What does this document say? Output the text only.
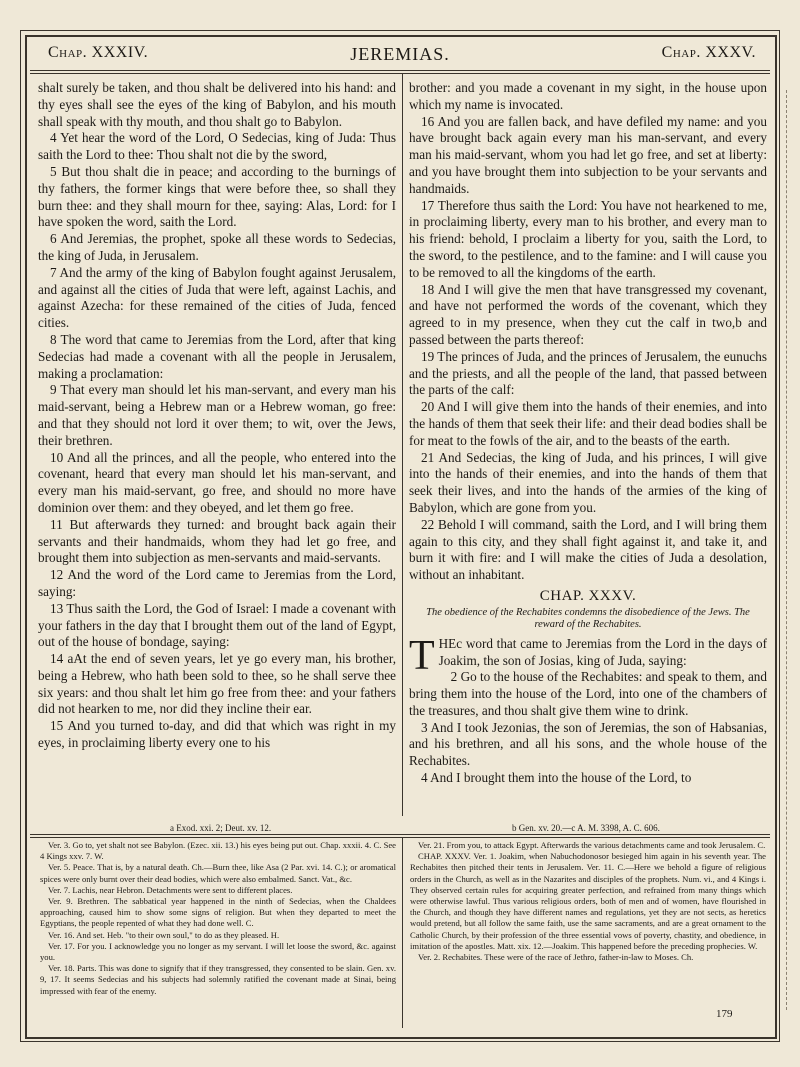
JEREMIAS.
Chap. XXXIV.	Chap. XXXV.

shalt surely be taken, and thou shalt be delivered into his hand: and thy eyes shall see the eyes of the king of Babylon, and his mouth shall speak with thy mouth, and thou shalt go to Babylon.

4 Yet hear the word of the Lord, O Sedecias, king of Juda: Thus saith the Lord to thee: Thou shalt not die by the sword,

5 But thou shalt die in peace; and according to the burnings of thy fathers, the former kings that were before thee, so shall they burn thee: and they shall mourn for thee, saying: Alas, Lord: for I have spoken the word, saith the Lord.

6 And Jeremias, the prophet, spoke all these words to Sedecias, the king of Juda, in Jerusalem.

7 And the army of the king of Babylon fought against Jerusalem, and against all the cities of Juda that were left, against Lachis, and against Azecha: for these remained of the cities of Juda, fenced cities.

8 The word that came to Jeremias from the Lord, after that king Sedecias had made a covenant with all the people in Jerusalem, making a proclamation:

9 That every man should let his man-servant, and every man his maid-servant, being a Hebrew man or a Hebrew woman, go free: and that they should not lord it over them; to wit, over the Jews, their brethren.

10 And all the princes, and all the people, who entered into the covenant, heard that every man should let his man-servant, and every man his maid-servant, go free, and should no more have dominion over them: and they obeyed, and let them go free.

11 But afterwards they turned: and brought back again their servants and their handmaids, whom they had let go free, and brought them into subjection as men-servants and maid-servants.

12 And the word of the Lord came to Jeremias from the Lord, saying:

13 Thus saith the Lord, the God of Israel: I made a covenant with your fathers in the day that I brought them out of the land of Egypt, out of the house of bondage, saying:

14 aAt the end of seven years, let ye go every man, his brother, being a Hebrew, who hath been sold to thee, so he shall serve thee six years: and thou shalt let him go free from thee: and your fathers did not hearken to me, nor did they incline their ear.

15 And you turned to-day, and did that which was right in my eyes, in proclaiming liberty every one to his

brother: and you made a covenant in my sight, in the house upon which my name is invocated.

16 And you are fallen back, and have defiled my name: and you have brought back again every man his man-servant, and every man his maid-servant, whom you had let go free, and set at liberty: and you have brought them into subjection to be your servants and handmaids.

17 Therefore thus saith the Lord: You have not hearkened to me, in proclaiming liberty, every man to his brother, and every man to his friend: behold, I proclaim a liberty for you, saith the Lord, to the sword, to the pestilence, and to the famine: and I will cause you to be removed to all the kingdoms of the earth.

18 And I will give the men that have transgressed my covenant, and have not performed the words of the covenant, which they agreed to in my presence, when they cut the calf in two,b and passed between the parts thereof:

19 The princes of Juda, and the princes of Jerusalem, the eunuchs and the priests, and all the people of the land, that passed between the parts of the calf:

20 And I will give them into the hands of their enemies, and into the hands of them that seek their life: and their dead bodies shall be for meat to the fowls of the air, and to the beasts of the earth.

21 And Sedecias, the king of Juda, and his princes, I will give into the hands of their enemies, and into the hands of them that seek their lives, and into the hands of the armies of the king of Babylon, which are gone from you.

22 Behold I will command, saith the Lord, and I will bring them again to this city, and they shall fight against it, and take it, and burn it with fire: and I will make the cities of Juda a desolation, without an inhabitant.

CHAP. XXXV.
The obedience of the Rechabites condemns the disobedience of the Jews. The reward of the Rechabites.

T HEc word that came to Jeremias from the Lord in the days of Joakim, the son of Josias, king of Juda, saying:

2 Go to the house of the Rechabites: and speak to them, and bring them into the house of the Lord, into one of the chambers of the treasures, and thou shalt give them wine to drink.

3 And I took Jezonias, the son of Jeremias, the son of Habsanias, and his brethren, and all his sons, and the whole house of the Rechabites.

4 And I brought them into the house of the Lord, to

a Exod. xxi. 2; Deut. xv. 12.	b Gen. xv. 20.—c A. M. 3398, A. C. 606.

Ver. 3. Go to, yet shalt not see Babylon. (Ezec. xii. 13.) his eyes being put out. Chap. xxxii. 4. C. See 4 Kings xxv. 7. W.

Ver. 5. Peace. That is, by a natural death. Ch.—Burn thee, like Asa (2 Par. xvi. 14. C.); or aromatical spices were only burnt over their dead bodies, which were also embalmed. Sanct. Vat., &c.

Ver. 7. Lachis, near Hebron. Detachments were sent to different places.

Ver. 9. Brethren. The sabbatical year happened in the ninth of Sedecias, when the Chaldees approaching, caused him to show some signs of religion. But when they departed to meet the Egyptians, the people repented of what they had done well. C.

Ver. 16. And set. Heb. "to their own soul," to do as they pleased. H.

Ver. 17. For you. I acknowledge you no longer as my servant. I will let loose the sword, &c. against you.

Ver. 18. Parts. This was done to signify that if they transgressed, they consented to be slain. Gen. xv. 9, 17. It seems Sedecias and his subjects had solemnly ratified the covenant made at Sinai, being impressed with fear of the enemy.

Ver. 21. From you, to attack Egypt. Afterwards the various detachments came and took Jerusalem. C.

CHAP. XXXV. Ver. 1. Joakim, when Nabuchodonosor besieged him again in his seventh year. The Rechabites then pitched their tents in Jerusalem. Ver. 11. C.—Here we behold a figure of religious orders in the Church, as well as in the Nazarites and disciples of the prophets. Num. vi., and 4 Kings i. They observed certain rules for acquiring greater perfection, and refrained from many things which were otherwise lawful. Thus various religious orders, both of men and of women, have flourished in the Church, and though they have different names and regulations, yet they are not sects, as heretics would pretend, but all follow the same faith, use the same sacraments, and are a great ornament to the Catholic Church, by their profession of the three essential vows of poverty, chastity, and obedience, in imitation of the apostles. Matt. xix. 12.—Joakim. This happened before the preceding prophecies. W.

Ver. 2. Rechabites. These were of the race of Jethro, father-in-law to Moses. Ch.

179
